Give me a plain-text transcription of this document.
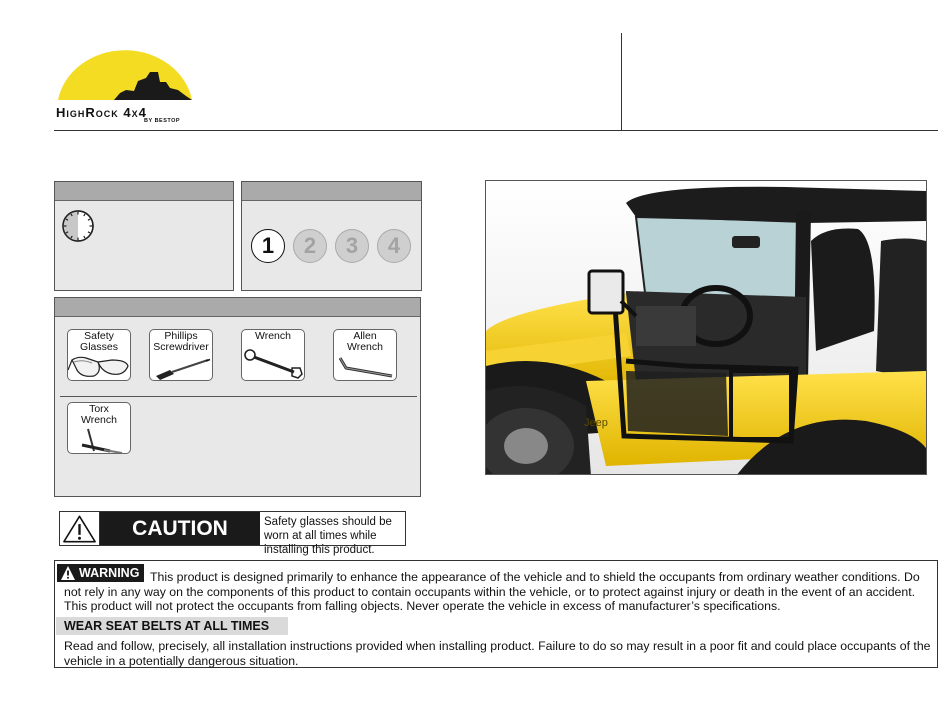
HighRock 4x4
BY BESTOP
1	2	3	4
Safety
Glasses
Phillips
Screwdriver
Wrench	Allen
Wrench
Torx
Wrench	Jeep
CAUTION	Safety glasses should be worn at all times while installing this product.
This product is designed primarily to enhance the appearance of the vehicle and to shield the occupants from ordinary weather conditions. Do not rely in any way on the components of this product to contain occupants within the vehicle, or to protect against injury or death in the event of an accident. This product will not protect the occupants from falling objects. Never operate the vehicle in excess of manufacturer’s specifications.
WARNING
WEAR SEAT BELTS AT ALL TIMES
Read and follow, precisely, all installation instructions provided when installing product. Failure to do so may result in a poor fit and could place occupants of the vehicle in a potentially dangerous situation.
